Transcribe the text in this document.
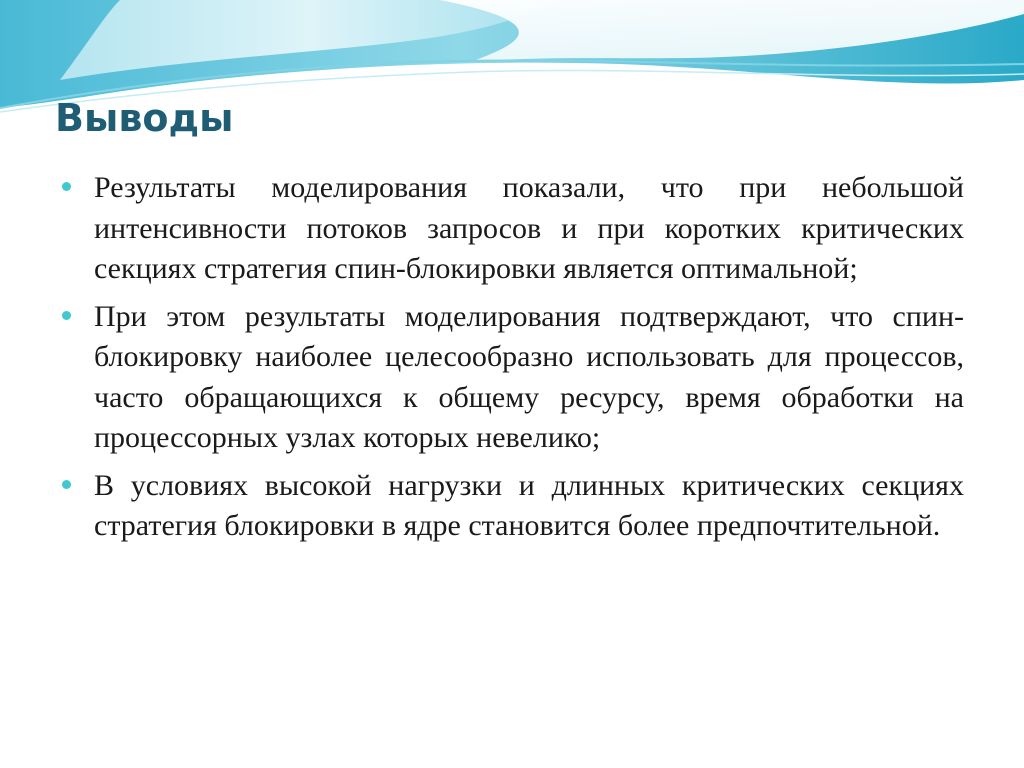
Выводы
Результаты моделирования показали, что при небольшой интенсивности потоков запросов и при коротких критических секциях стратегия спин-блокировки является оптимальной;
При этом результаты моделирования подтверждают, что спин-блокировку наиболее целесообразно использовать для процессов, часто обращающихся к общему ресурсу, время обработки на процессорных узлах которых невелико;
В условиях высокой нагрузки и длинных критических секциях стратегия блокировки в ядре становится более предпочтительной.
